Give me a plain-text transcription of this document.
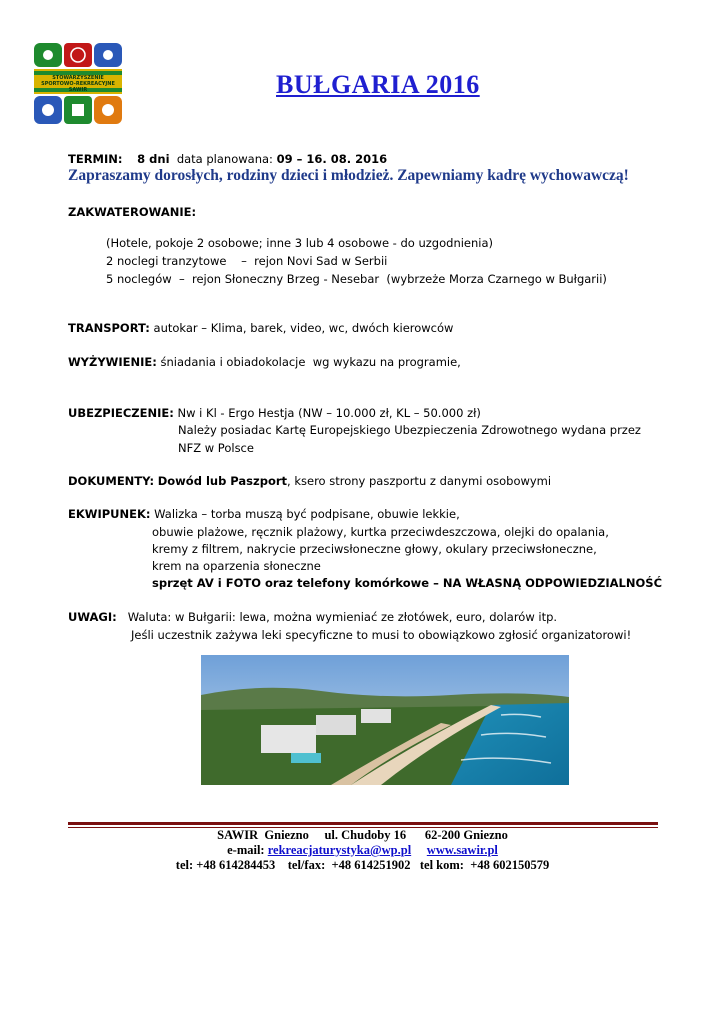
STOWARZYSZENIE SPORTOWO-REKREACYJNE SAWIR	BUŁGARIA 2016
TERMIN: 8 dni data planowana: 09 – 16. 08. 2016
Zapraszamy dorosłych, rodziny dzieci i młodzież. Zapewniamy kadrę wychowawczą!
ZAKWATEROWANIE:
(Hotele, pokoje 2 osobowe; inne 3 lub 4 osobowe - do uzgodnienia)
2 noclegi tranzytowe    –  rejon Novi Sad w Serbii
5 noclegów  –  rejon Słoneczny Brzeg - Nesebar  (wybrzeże Morza Czarnego w Bułgarii)
TRANSPORT: autokar – Klima, barek, video, wc, dwóch kierowców
WYŻYWIENIE: śniadania i obiadokolacje  wg wykazu na programie,
UBEZPIECZENIE: Nw i Kl - Ergo Hestja (NW – 10.000 zł, KL – 50.000 zł)
Należy posiadac Kartę Europejskiego Ubezpieczenia Zdrowotnego wydana przez
NFZ w Polsce
DOKUMENTY: Dowód lub Paszport, ksero strony paszportu z danymi osobowymi
EKWIPUNEK: Walizka – torba muszą być podpisane, obuwie lekkie,
obuwie plażowe, ręcznik plażowy, kurtka przeciwdeszczowa, olejki do opalania,
kremy z filtrem, nakrycie przeciwsłoneczne głowy, okulary przeciwsłoneczne,
krem na oparzenia słoneczne
sprzęt AV i FOTO oraz telefony komórkowe – NA WŁASNĄ ODPOWIEDZIALNOŚĆ
UWAGI: Waluta: w Bułgarii: lewa, można wymieniać ze złotówek, euro, dolarów itp.
Jeśli uczestnik zażywa leki specyficzne to musi to obowiązkowo zgłosić organizatorowi!
SAWIR  Gniezno     ul. Chudoby 16      62-200 Gniezno
e-mail: rekreacjaturystyka@wp.pl www.sawir.pl
tel: +48 614284453    tel/fax:  +48 614251902   tel kom:  +48 602150579
